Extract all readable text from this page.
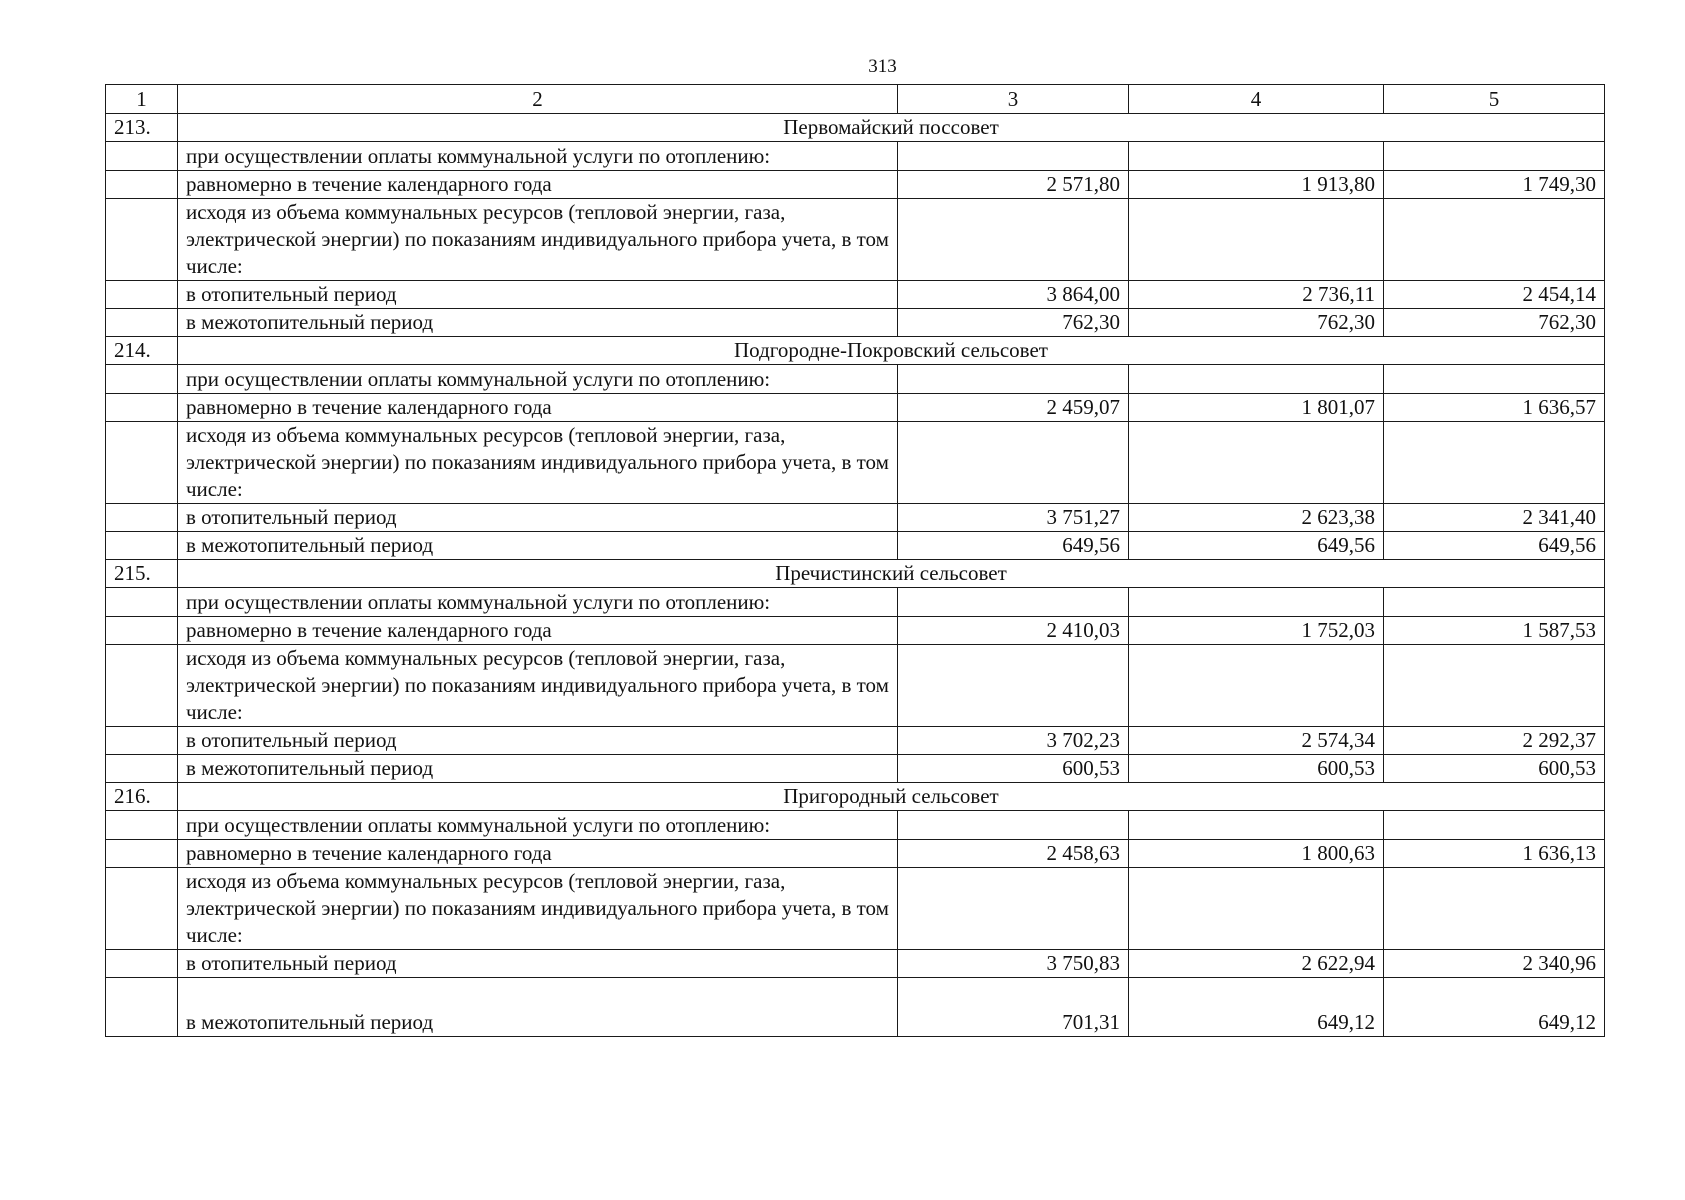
313
1	2	3	4	5
213.	Первомайский поссовет			
	при осуществлении оплаты коммунальной услуги по отоплению:			
	равномерно в течение календарного года	2 571,80	1 913,80	1 749,30
	исходя из объема коммунальных ресурсов (тепловой энергии, газа, электрической энергии) по показаниям индивидуального прибора учета, в том числе:			
	в отопительный период	3 864,00	2 736,11	2 454,14
	в межотопительный период	762,30	762,30	762,30
214.	Подгородне-Покровский сельсовет			
	при осуществлении оплаты коммунальной услуги по отоплению:			
	равномерно в течение календарного года	2 459,07	1 801,07	1 636,57
	исходя из объема коммунальных ресурсов (тепловой энергии, газа, электрической энергии) по показаниям индивидуального прибора учета, в том числе:			
	в отопительный период	3 751,27	2 623,38	2 341,40
	в межотопительный период	649,56	649,56	649,56
215.	Пречистинский сельсовет			
	при осуществлении оплаты коммунальной услуги по отоплению:			
	равномерно в течение календарного года	2 410,03	1 752,03	1 587,53
	исходя из объема коммунальных ресурсов (тепловой энергии, газа, электрической энергии) по показаниям индивидуального прибора учета, в том числе:			
	в отопительный период	3 702,23	2 574,34	2 292,37
	в межотопительный период	600,53	600,53	600,53
216.	Пригородный сельсовет			
	при осуществлении оплаты коммунальной услуги по отоплению:			
	равномерно в течение календарного года	2 458,63	1 800,63	1 636,13
	исходя из объема коммунальных ресурсов (тепловой энергии, газа, электрической энергии) по показаниям индивидуального прибора учета, в том числе:			
	в отопительный период	3 750,83	2 622,94	2 340,96
	в межотопительный период	701,31	649,12	649,12
